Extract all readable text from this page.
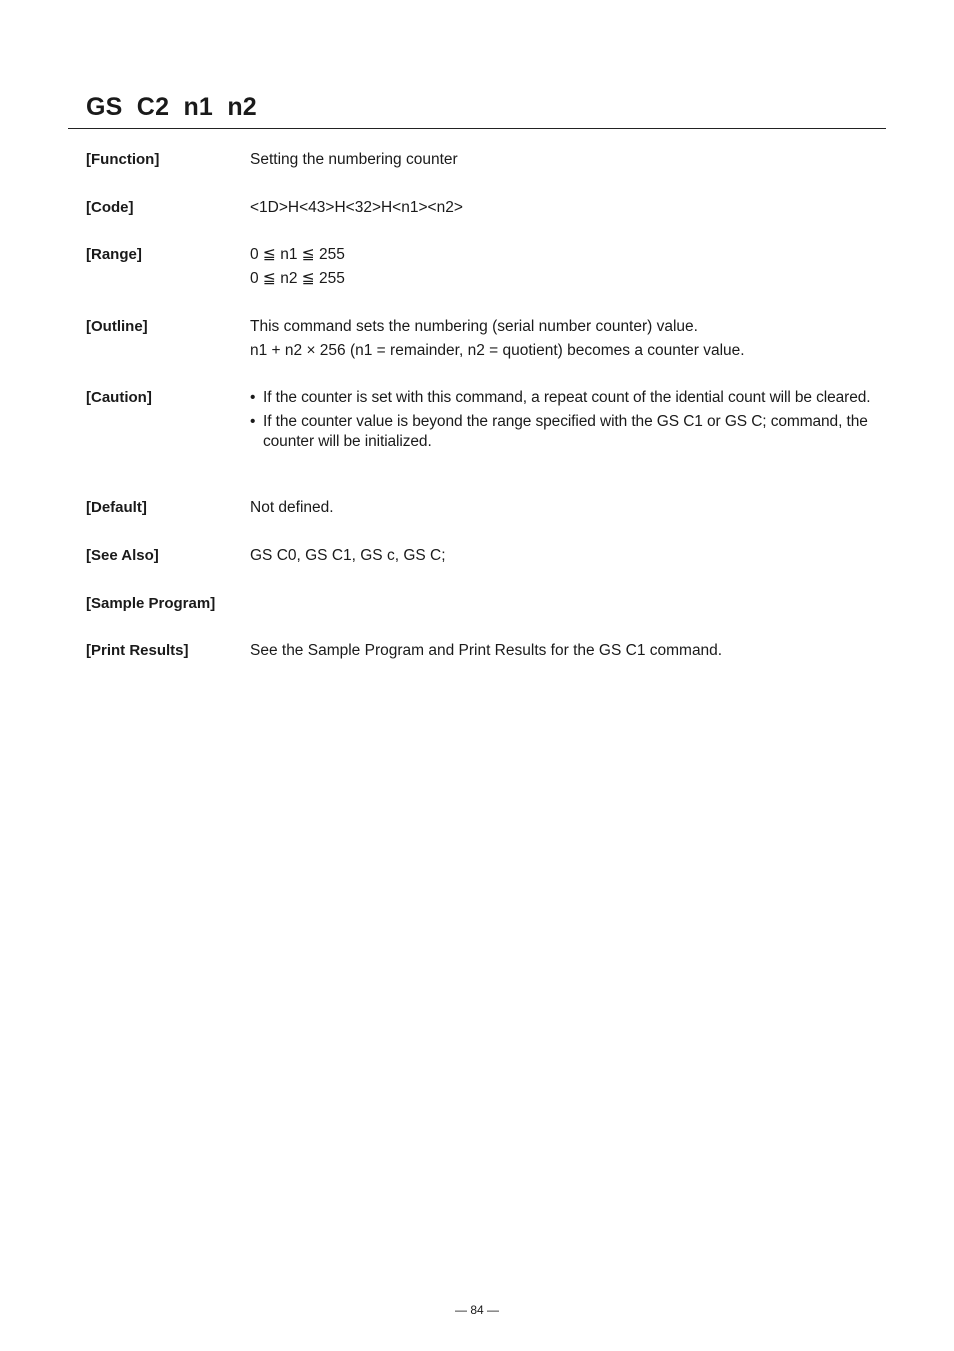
GS  C2  n1  n2
[Function]	Setting the numbering counter
[Code]	<1D>H<43>H<32>H<n1><n2>
[Range]	0 ≦ n1 ≦ 255
0 ≦ n2 ≦ 255
[Outline]	This command sets the numbering (serial number counter) value.
n1 + n2 × 256 (n1 = remainder, n2 = quotient) becomes a counter value.
[Caution]	• If the counter is set with this command, a repeat count of the idential count will be cleared.
• If the counter value is beyond the range specified with the GS C1 or GS C; command, the counter will be initialized.
[Default]	Not defined.
[See Also]	GS C0, GS C1, GS c, GS C;
[Sample Program]
[Print Results]	See the Sample Program and Print Results for the GS C1 command.
— 84 —
